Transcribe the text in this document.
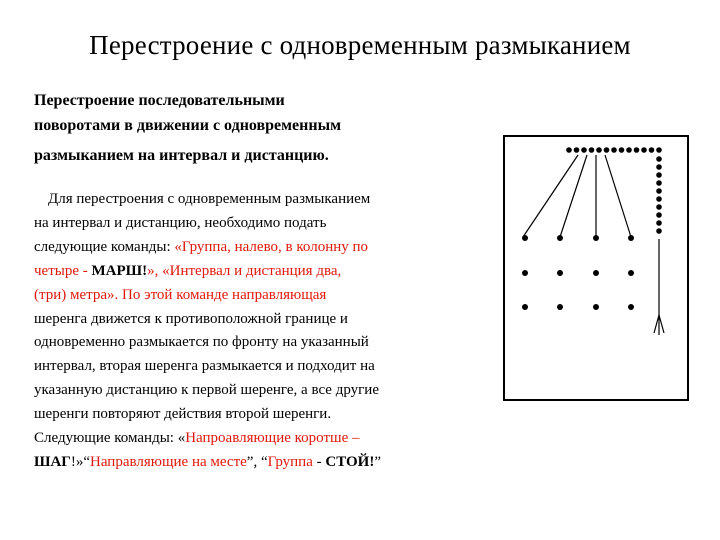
Перестроение с одновременным размыканием
Перестроение последовательными
поворотами в движении с одновременным
размыканием на интервал и дистанцию.
Для перестроения с одновременным размыканием
на интервал и дистанцию, необходимо подать
следующие команды: «Группа, налево, в колонну по
четыре - МАРШ!», «Интервал и дистанция два,
(три) метра». По этой команде направляющая
шеренга движется к противоположной границе и
одновременно размыкается по фронту на указанный
интервал, вторая шеренга размыкается и подходит на
указанную дистанцию к первой шеренге, а все другие
шеренги повторяют действия второй шеренги.
Следующие команды: «Напроавляющие коротше –
ШАГ!»“Направляющие на месте”, “Группа - СТОЙ!”
